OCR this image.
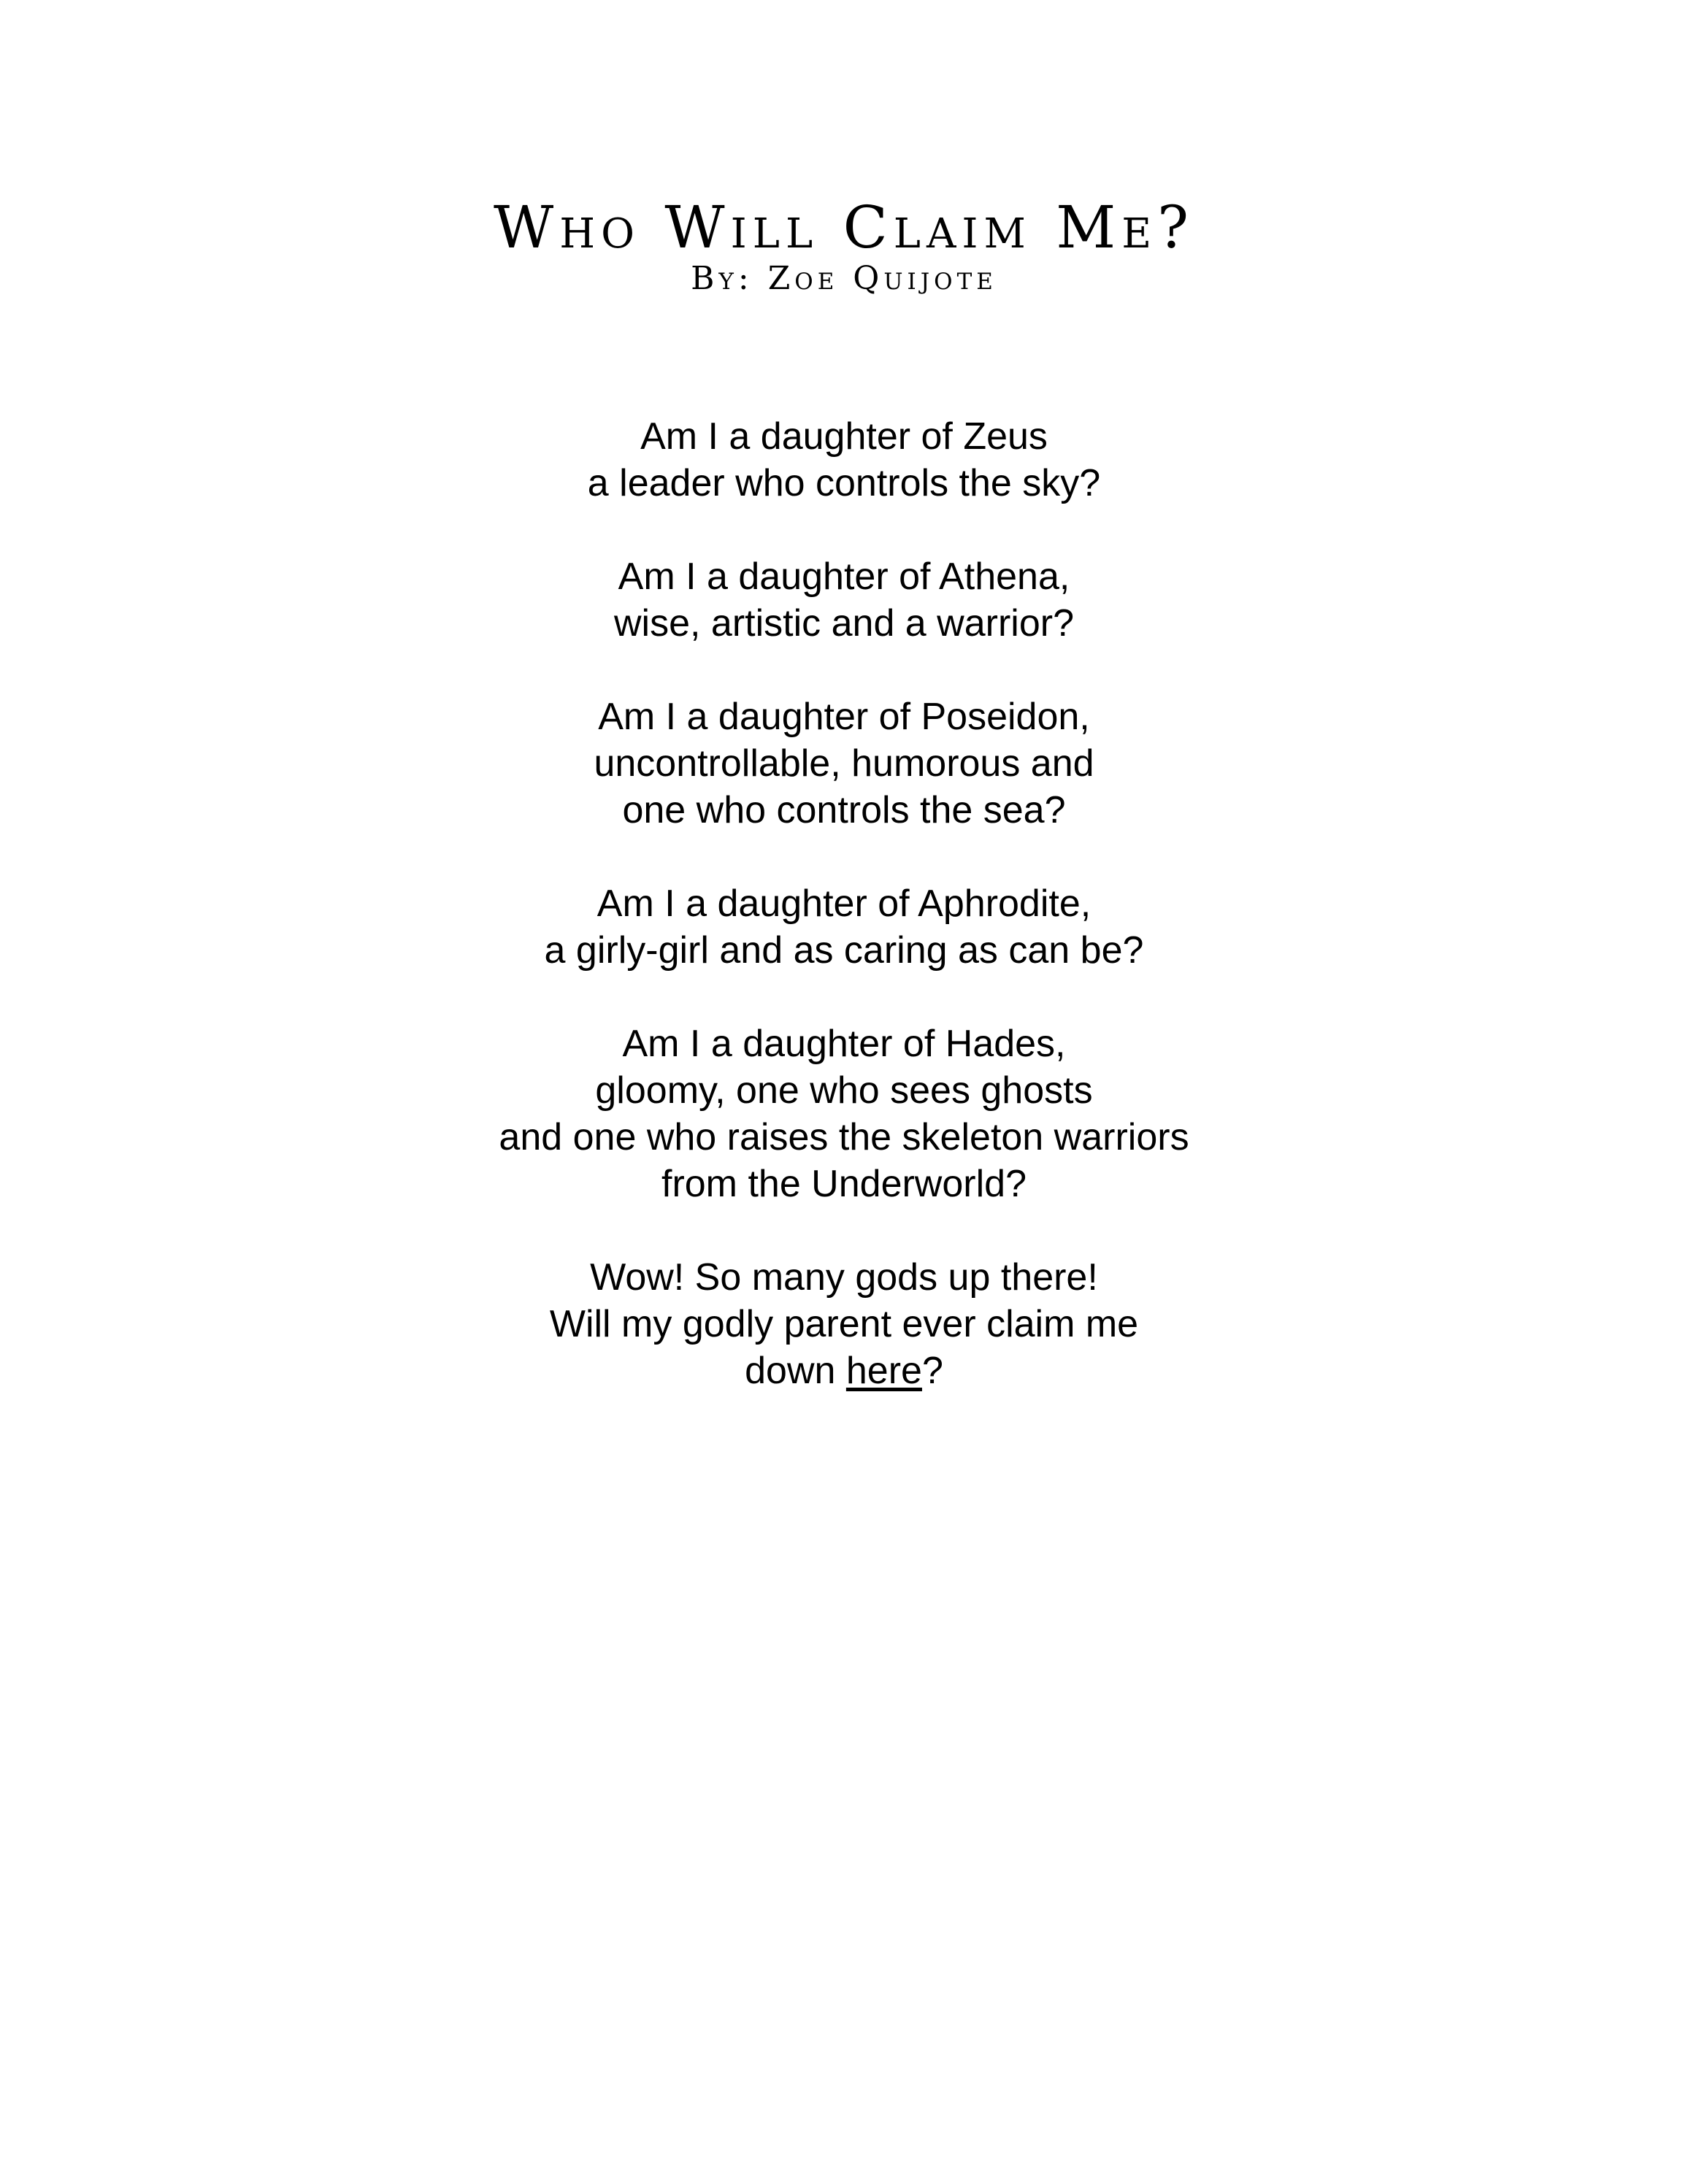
Who Will Claim Me?
By: Zoe Quijote
Am I a daughter of Zeus
a leader who controls the sky?
Am I a daughter of Athena,
wise, artistic and a warrior?
Am I a daughter of Poseidon,
uncontrollable, humorous and
one who controls the sea?
Am I a daughter of Aphrodite,
a girly-girl and as caring as can be?
Am I a daughter of Hades,
gloomy, one who sees ghosts
and one who raises the skeleton warriors
from the Underworld?
Wow! So many gods up there!
Will my godly parent ever claim me
down here?
